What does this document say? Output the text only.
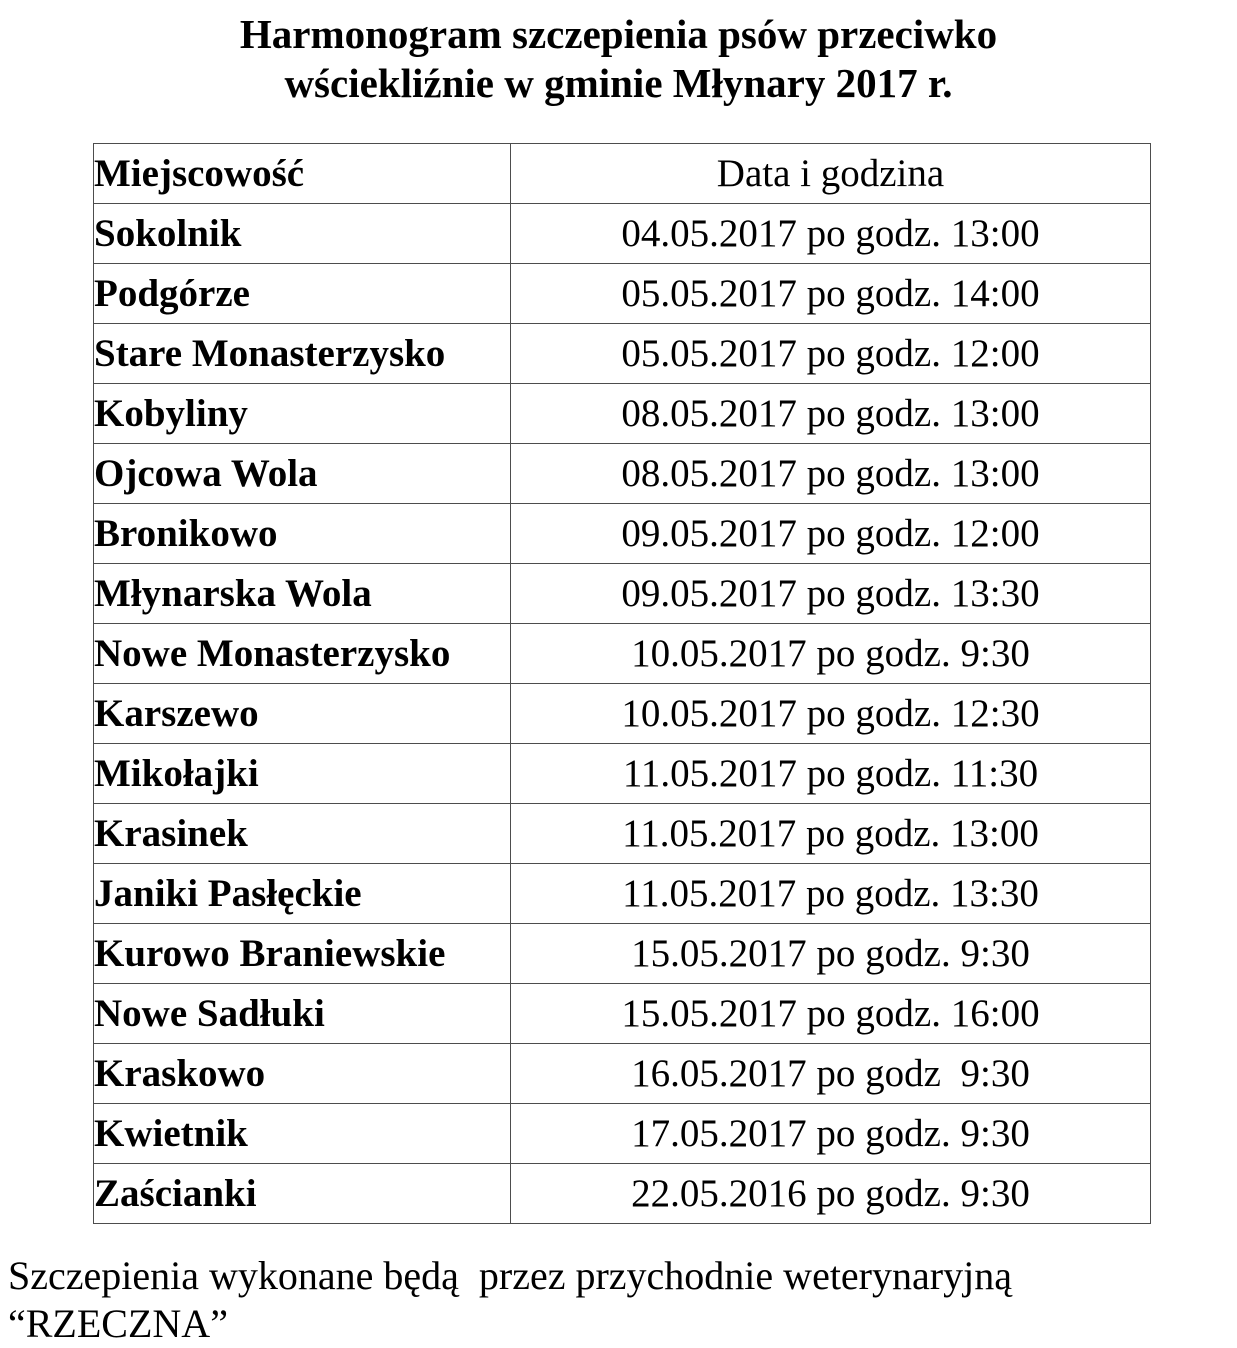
Harmonogram szczepienia psów przeciwko
wściekliźnie w gminie Młynary 2017 r.
Miejscowość	Data i godzina
Sokolnik	04.05.2017 po godz. 13:00
Podgórze	05.05.2017 po godz. 14:00
Stare Monasterzysko	05.05.2017 po godz. 12:00
Kobyliny	08.05.2017 po godz. 13:00
Ojcowa Wola	08.05.2017 po godz. 13:00
Bronikowo	09.05.2017 po godz. 12:00
Młynarska Wola	09.05.2017 po godz. 13:30
Nowe Monasterzysko	10.05.2017 po godz. 9:30
Karszewo	10.05.2017 po godz. 12:30
Mikołajki	11.05.2017 po godz. 11:30
Krasinek	11.05.2017 po godz. 13:00
Janiki Pasłęckie	11.05.2017 po godz. 13:30
Kurowo Braniewskie	15.05.2017 po godz. 9:30
Nowe Sadłuki	15.05.2017 po godz. 16:00
Kraskowo	16.05.2017 po godz  9:30
Kwietnik	17.05.2017 po godz. 9:30
Zaścianki	22.05.2016 po godz. 9:30
Szczepienia wykonane będą  przez przychodnie weterynaryjną “RZECZNA”
